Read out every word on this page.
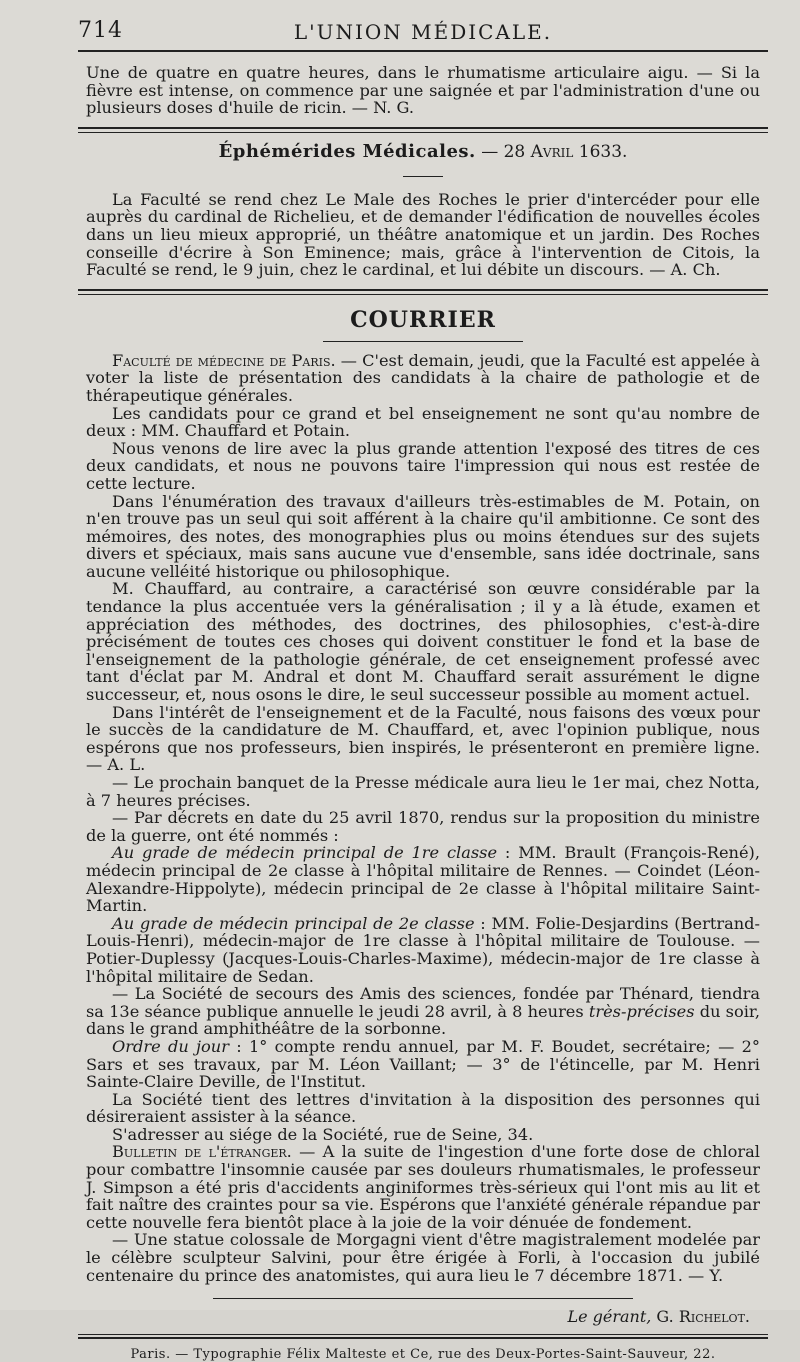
714	L'UNION MÉDICALE.

Une de quatre en quatre heures, dans le rhumatisme articulaire aigu. — Si la fièvre est intense, on commence par une saignée et par l'administration d'une ou plusieurs doses d'huile de ricin. — N. G.

Éphémérides Médicales. — 28 Avril 1633.

La Faculté se rend chez Le Male des Roches le prier d'intercéder pour elle auprès du cardinal de Richelieu, et de demander l'édification de nouvelles écoles dans un lieu mieux approprié, un théâtre anatomique et un jardin. Des Roches conseille d'écrire à Son Eminence; mais, grâce à l'intervention de Citois, la Faculté se rend, le 9 juin, chez le cardinal, et lui débite un discours. — A. Ch.

COURRIER

Faculté de médecine de Paris. — C'est demain, jeudi, que la Faculté est appelée à voter la liste de présentation des candidats à la chaire de pathologie et de thérapeutique générales.

Les candidats pour ce grand et bel enseignement ne sont qu'au nombre de deux : MM. Chauffard et Potain.

Nous venons de lire avec la plus grande attention l'exposé des titres de ces deux candidats, et nous ne pouvons taire l'impression qui nous est restée de cette lecture.

Dans l'énumération des travaux d'ailleurs très-estimables de M. Potain, on n'en trouve pas un seul qui soit afférent à la chaire qu'il ambitionne. Ce sont des mémoires, des notes, des monographies plus ou moins étendues sur des sujets divers et spéciaux, mais sans aucune vue d'ensemble, sans idée doctrinale, sans aucune velléité historique ou philosophique.

M. Chauffard, au contraire, a caractérisé son œuvre considérable par la tendance la plus accentuée vers la généralisation ; il y a là étude, examen et appréciation des méthodes, des doctrines, des philosophies, c'est-à-dire précisément de toutes ces choses qui doivent constituer le fond et la base de l'enseignement de la pathologie générale, de cet enseignement professé avec tant d'éclat par M. Andral et dont M. Chauffard serait assurément le digne successeur, et, nous osons le dire, le seul successeur possible au moment actuel.

Dans l'intérêt de l'enseignement et de la Faculté, nous faisons des vœux pour le succès de la candidature de M. Chauffard, et, avec l'opinion publique, nous espérons que nos professeurs, bien inspirés, le présenteront en première ligne. — A. L.

— Le prochain banquet de la Presse médicale aura lieu le 1er mai, chez Notta, à 7 heures précises.

— Par décrets en date du 25 avril 1870, rendus sur la proposition du ministre de la guerre, ont été nommés :

Au grade de médecin principal de 1re classe : MM. Brault (François-René), médecin principal de 2e classe à l'hôpital militaire de Rennes. — Coindet (Léon-Alexandre-Hippolyte), médecin principal de 2e classe à l'hôpital militaire Saint-Martin.

Au grade de médecin principal de 2e classe : MM. Folie-Desjardins (Bertrand-Louis-Henri), médecin-major de 1re classe à l'hôpital militaire de Toulouse. — Potier-Duplessy (Jacques-Louis-Charles-Maxime), médecin-major de 1re classe à l'hôpital militaire de Sedan.

— La Société de secours des Amis des sciences, fondée par Thénard, tiendra sa 13e séance publique annuelle le jeudi 28 avril, à 8 heures très-précises du soir, dans le grand amphithéâtre de la sorbonne.

Ordre du jour : 1° compte rendu annuel, par M. F. Boudet, secrétaire; — 2° Sars et ses travaux, par M. Léon Vaillant; — 3° de l'étincelle, par M. Henri Sainte-Claire Deville, de l'Institut.

La Société tient des lettres d'invitation à la disposition des personnes qui désireraient assister à la séance.

S'adresser au siége de la Société, rue de Seine, 34.

Bulletin de l'étranger. — A la suite de l'ingestion d'une forte dose de chloral pour combattre l'insomnie causée par ses douleurs rhumatismales, le professeur J. Simpson a été pris d'accidents anginiformes très-sérieux qui l'ont mis au lit et fait naître des craintes pour sa vie. Espérons que l'anxiété générale répandue par cette nouvelle fera bientôt place à la joie de la voir dénuée de fondement.

— Une statue colossale de Morgagni vient d'être magistralement modelée par le célèbre sculpteur Salvini, pour être érigée à Forli, à l'occasion du jubilé centenaire du prince des anatomistes, qui aura lieu le 7 décembre 1871. — Y.

Le gérant, G. Richelot.
Paris. — Typographie Félix Malteste et Ce, rue des Deux-Portes-Saint-Sauveur, 22.
